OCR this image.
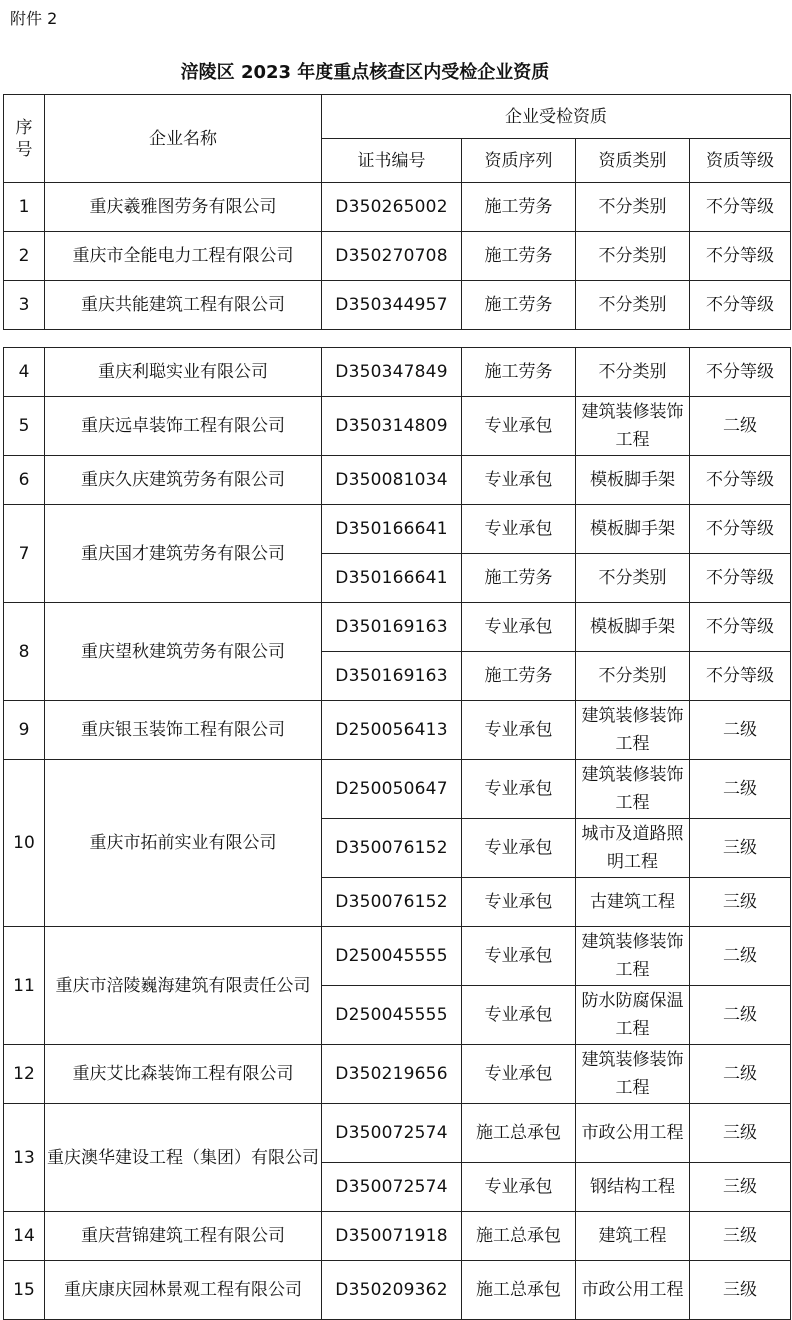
附件 2
涪陵区 2023 年度重点核查区内受检企业资质
序号	企业名称	企业受检资质			
		证书编号	资质序列	资质类别	资质等级
1	重庆羲雅图劳务有限公司	D350265002	施工劳务	不分类别	不分等级
2	重庆市全能电力工程有限公司	D350270708	施工劳务	不分类别	不分等级
3	重庆共能建筑工程有限公司	D350344957	施工劳务	不分类别	不分等级
4	重庆利聪实业有限公司	D350347849	施工劳务	不分类别	不分等级
5	重庆远卓装饰工程有限公司	D350314809	专业承包	建筑装修装饰工程	二级
6	重庆久庆建筑劳务有限公司	D350081034	专业承包	模板脚手架	不分等级
7	重庆国才建筑劳务有限公司	D350166641	专业承包	模板脚手架	不分等级
		D350166641	施工劳务	不分类别	不分等级
8	重庆望秋建筑劳务有限公司	D350169163	专业承包	模板脚手架	不分等级
		D350169163	施工劳务	不分类别	不分等级
9	重庆银玉装饰工程有限公司	D250056413	专业承包	建筑装修装饰工程	二级
10	重庆市拓前实业有限公司	D250050647	专业承包	建筑装修装饰工程	二级
		D350076152	专业承包	城市及道路照明工程	三级
		D350076152	专业承包	古建筑工程	三级
11	重庆市涪陵巍海建筑有限责任公司	D250045555	专业承包	建筑装修装饰工程	二级
		D250045555	专业承包	防水防腐保温工程	二级
12	重庆艾比森装饰工程有限公司	D350219656	专业承包	建筑装修装饰工程	二级
13	重庆澳华建设工程（集团）有限公司	D350072574	施工总承包	市政公用工程	三级
		D350072574	专业承包	钢结构工程	三级
14	重庆营锦建筑工程有限公司	D350071918	施工总承包	建筑工程	三级
15	重庆康庆园林景观工程有限公司	D350209362	施工总承包	市政公用工程	三级
